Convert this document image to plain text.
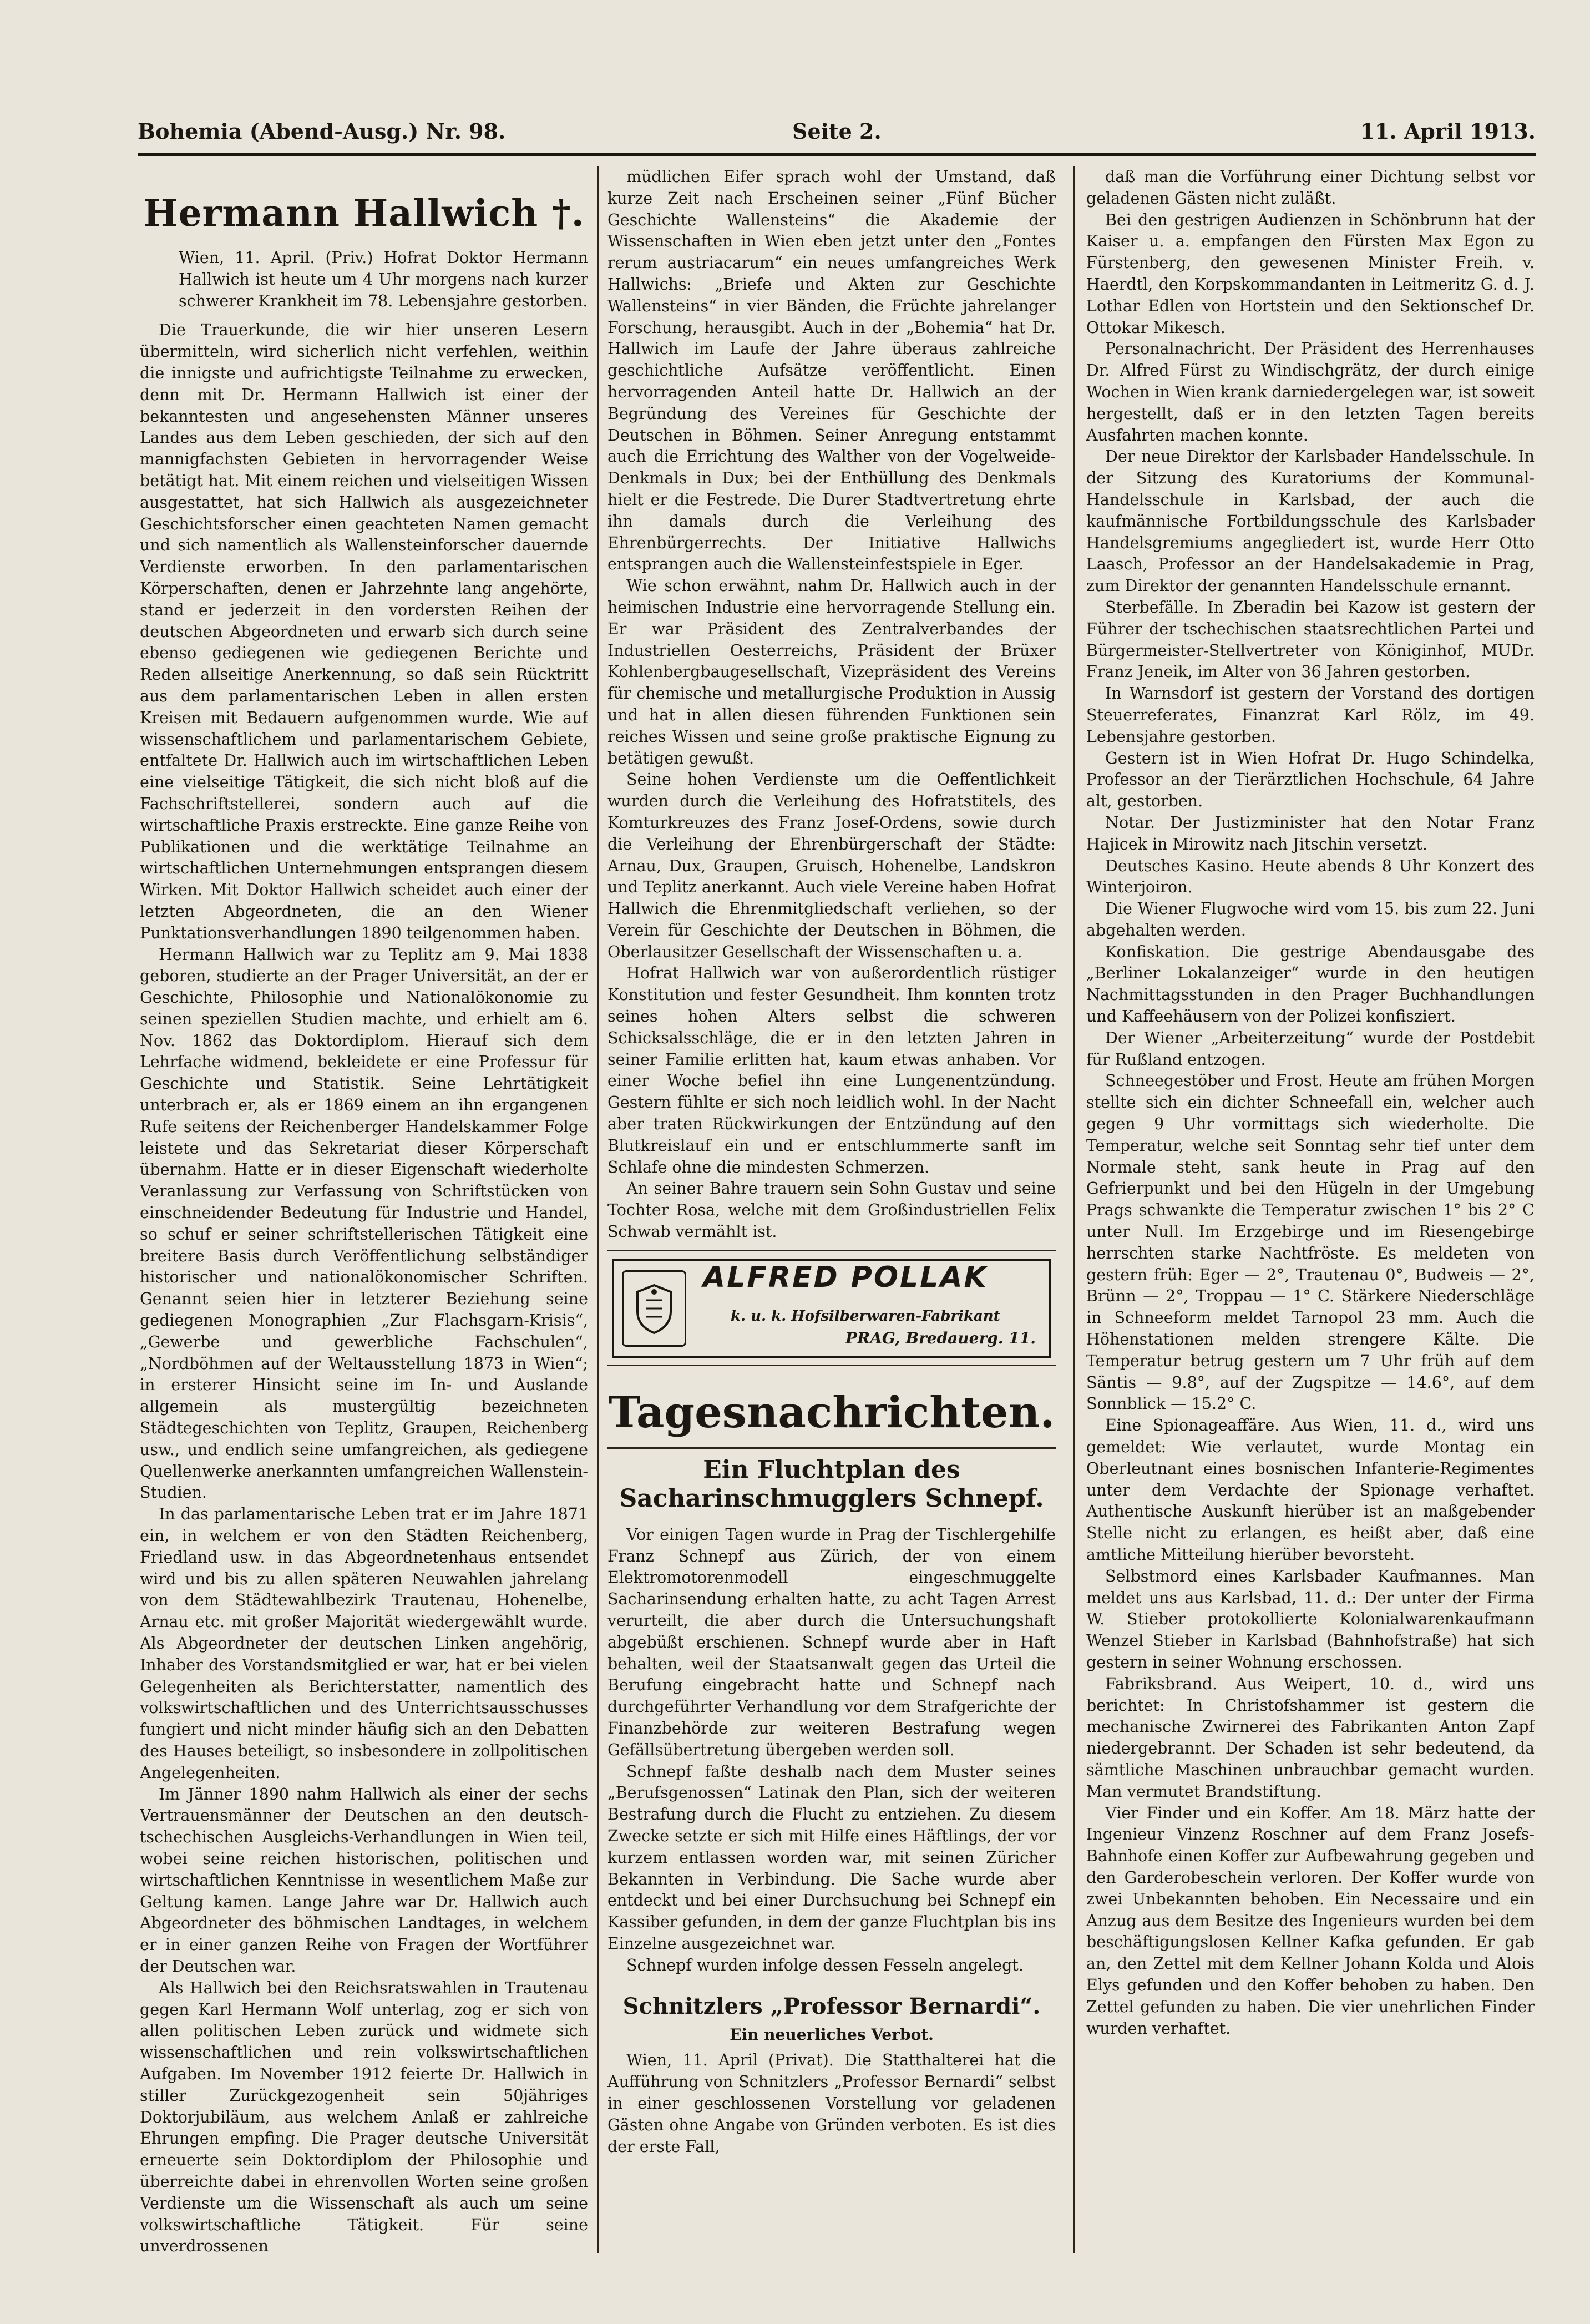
Bohemia (Abend-Ausg.) Nr. 98.	Seite 2.	11. April 1913.
Hermann Hallwich †.
Wien, 11. April. (Priv.) Hofrat Doktor Hermann Hallwich ist heute um 4 Uhr morgens nach kurzer schwerer Krankheit im 78. Lebensjahre gestorben.

Die Trauerkunde, die wir hier unseren Lesern übermitteln, wird sicherlich nicht verfehlen, weithin die innigste und aufrichtigste Teilnahme zu erwecken, denn mit Dr. Hermann Hallwich ist einer der bekanntesten und angesehensten Männer unseres Landes aus dem Leben geschieden, der sich auf den mannigfachsten Gebieten in hervorragender Weise betätigt hat. Mit einem reichen und vielseitigen Wissen ausgestattet, hat sich Hallwich als ausgezeichneter Geschichtsforscher einen geachteten Namen gemacht und sich namentlich als Wallensteinforscher dauernde Verdienste erworben. In den parlamentarischen Körperschaften, denen er Jahrzehnte lang angehörte, stand er jederzeit in den vordersten Reihen der deutschen Abgeordneten und erwarb sich durch seine ebenso gediegenen wie gediegenen Berichte und Reden allseitige Anerkennung, so daß sein Rücktritt aus dem parlamentarischen Leben in allen ersten Kreisen mit Bedauern aufgenommen wurde. Wie auf wissenschaftlichem und parlamentarischem Gebiete, entfaltete Dr. Hallwich auch im wirtschaftlichen Leben eine vielseitige Tätigkeit, die sich nicht bloß auf die Fachschriftstellerei, sondern auch auf die wirtschaftliche Praxis erstreckte. Eine ganze Reihe von Publikationen und die werktätige Teilnahme an wirtschaftlichen Unternehmungen entsprangen diesem Wirken. Mit Doktor Hallwich scheidet auch einer der letzten Abgeordneten, die an den Wiener Punktationsverhandlungen 1890 teilgenommen haben.

Hermann Hallwich war zu Teplitz am 9. Mai 1838 geboren, studierte an der Prager Universität, an der er Geschichte, Philosophie und Nationalökonomie zu seinen speziellen Studien machte, und erhielt am 6. Nov. 1862 das Doktordiplom. Hierauf sich dem Lehrfache widmend, bekleidete er eine Professur für Geschichte und Statistik. Seine Lehrtätigkeit unterbrach er, als er 1869 einem an ihn ergangenen Rufe seitens der Reichenberger Handelskammer Folge leistete und das Sekretariat dieser Körperschaft übernahm. Hatte er in dieser Eigenschaft wiederholte Veranlassung zur Verfassung von Schriftstücken von einschneidender Bedeutung für Industrie und Handel, so schuf er seiner schriftstellerischen Tätigkeit eine breitere Basis durch Veröffentlichung selbständiger historischer und nationalökonomischer Schriften. Genannt seien hier in letzterer Beziehung seine gediegenen Monographien „Zur Flachsgarn-Krisis“, „Gewerbe und gewerbliche Fachschulen“, „Nordböhmen auf der Weltausstellung 1873 in Wien“; in ersterer Hinsicht seine im In- und Auslande allgemein als mustergültig bezeichneten Städtegeschichten von Teplitz, Graupen, Reichenberg usw., und endlich seine umfangreichen, als gediegene Quellenwerke anerkannten umfangreichen Wallenstein-Studien.

In das parlamentarische Leben trat er im Jahre 1871 ein, in welchem er von den Städten Reichenberg, Friedland usw. in das Abgeordnetenhaus entsendet wird und bis zu allen späteren Neuwahlen jahrelang von dem Städtewahlbezirk Trautenau, Hohenelbe, Arnau etc. mit großer Majorität wiedergewählt wurde. Als Abgeordneter der deutschen Linken angehörig, Inhaber des Vorstandsmitglied er war, hat er bei vielen Gelegenheiten als Berichterstatter, namentlich des volkswirtschaftlichen und des Unterrichtsausschusses fungiert und nicht minder häufig sich an den Debatten des Hauses beteiligt, so insbesondere in zollpolitischen Angelegenheiten.

Im Jänner 1890 nahm Hallwich als einer der sechs Vertrauensmänner der Deutschen an den deutsch-tschechischen Ausgleichs-Verhandlungen in Wien teil, wobei seine reichen historischen, politischen und wirtschaftlichen Kenntnisse in wesentlichem Maße zur Geltung kamen. Lange Jahre war Dr. Hallwich auch Abgeordneter des böhmischen Landtages, in welchem er in einer ganzen Reihe von Fragen der Wortführer der Deutschen war.

Als Hallwich bei den Reichsratswahlen in Trautenau gegen Karl Hermann Wolf unterlag, zog er sich von allen politischen Leben zurück und widmete sich wissenschaftlichen und rein volkswirtschaftlichen Aufgaben. Im November 1912 feierte Dr. Hallwich in stiller Zurückgezogenheit sein 50jähriges Doktorjubiläum, aus welchem Anlaß er zahlreiche Ehrungen empfing. Die Prager deutsche Universität erneuerte sein Doktordiplom der Philosophie und überreichte dabei in ehrenvollen Worten seine großen Verdienste um die Wissenschaft als auch um seine volkswirtschaftliche Tätigkeit. Für seine unverdrossenen

müdlichen Eifer sprach wohl der Umstand, daß kurze Zeit nach Erscheinen seiner „Fünf Bücher Geschichte Wallensteins“ die Akademie der Wissenschaften in Wien eben jetzt unter den „Fontes rerum austriacarum“ ein neues umfangreiches Werk Hallwichs: „Briefe und Akten zur Geschichte Wallensteins“ in vier Bänden, die Früchte jahrelanger Forschung, herausgibt. Auch in der „Bohemia“ hat Dr. Hallwich im Laufe der Jahre überaus zahlreiche geschichtliche Aufsätze veröffentlicht. Einen hervorragenden Anteil hatte Dr. Hallwich an der Begründung des Vereines für Geschichte der Deutschen in Böhmen. Seiner Anregung entstammt auch die Errichtung des Walther von der Vogelweide-Denkmals in Dux; bei der Enthüllung des Denkmals hielt er die Festrede. Die Durer Stadtvertretung ehrte ihn damals durch die Verleihung des Ehrenbürgerrechts. Der Initiative Hallwichs entsprangen auch die Wallensteinfestspiele in Eger.

Wie schon erwähnt, nahm Dr. Hallwich auch in der heimischen Industrie eine hervorragende Stellung ein. Er war Präsident des Zentralverbandes der Industriellen Oesterreichs, Präsident der Brüxer Kohlenbergbaugesellschaft, Vizepräsident des Vereins für chemische und metallurgische Produktion in Aussig und hat in allen diesen führenden Funktionen sein reiches Wissen und seine große praktische Eignung zu betätigen gewußt.

Seine hohen Verdienste um die Oeffentlichkeit wurden durch die Verleihung des Hofratstitels, des Komturkreuzes des Franz Josef-Ordens, sowie durch die Verleihung der Ehrenbürgerschaft der Städte: Arnau, Dux, Graupen, Gruisch, Hohenelbe, Landskron und Teplitz anerkannt. Auch viele Vereine haben Hofrat Hallwich die Ehrenmitgliedschaft verliehen, so der Verein für Geschichte der Deutschen in Böhmen, die Oberlausitzer Gesellschaft der Wissenschaften u. a.

Hofrat Hallwich war von außerordentlich rüstiger Konstitution und fester Gesundheit. Ihm konnten trotz seines hohen Alters selbst die schweren Schicksalsschläge, die er in den letzten Jahren in seiner Familie erlitten hat, kaum etwas anhaben. Vor einer Woche befiel ihn eine Lungenentzündung. Gestern fühlte er sich noch leidlich wohl. In der Nacht aber traten Rückwirkungen der Entzündung auf den Blutkreislauf ein und er entschlummerte sanft im Schlafe ohne die mindesten Schmerzen.

An seiner Bahre trauern sein Sohn Gustav und seine Tochter Rosa, welche mit dem Großindustriellen Felix Schwab vermählt ist.

ALFRED POLLAK
k. u. k. Hofsilberwaren-Fabrikant
PRAG, Bredauerg. 11.
Tagesnachrichten.
Ein Fluchtplan des Sacharinschmugglers Schnepf.

Vor einigen Tagen wurde in Prag der Tischlergehilfe Franz Schnepf aus Zürich, der von einem Elektromotorenmodell eingeschmuggelte Sacharinsendung erhalten hatte, zu acht Tagen Arrest verurteilt, die aber durch die Untersuchungshaft abgebüßt erschienen. Schnepf wurde aber in Haft behalten, weil der Staatsanwalt gegen das Urteil die Berufung eingebracht hatte und Schnepf nach durchgeführter Verhandlung vor dem Strafgerichte der Finanzbehörde zur weiteren Bestrafung wegen Gefällsübertretung übergeben werden soll.

Schnepf faßte deshalb nach dem Muster seines „Berufsgenossen“ Latinak den Plan, sich der weiteren Bestrafung durch die Flucht zu entziehen. Zu diesem Zwecke setzte er sich mit Hilfe eines Häftlings, der vor kurzem entlassen worden war, mit seinen Züricher Bekannten in Verbindung. Die Sache wurde aber entdeckt und bei einer Durchsuchung bei Schnepf ein Kassiber gefunden, in dem der ganze Fluchtplan bis ins Einzelne ausgezeichnet war.

Schnepf wurden infolge dessen Fesseln angelegt.

Schnitzlers „Professor Bernardi“.
Ein neuerliches Verbot.

Wien, 11. April (Privat). Die Statthalterei hat die Aufführung von Schnitzlers „Professor Bernardi“ selbst in einer geschlossenen Vorstellung vor geladenen Gästen ohne Angabe von Gründen verboten. Es ist dies der erste Fall,

daß man die Vorführung einer Dichtung selbst vor geladenen Gästen nicht zuläßt.

Bei den gestrigen Audienzen in Schönbrunn hat der Kaiser u. a. empfangen den Fürsten Max Egon zu Fürstenberg, den gewesenen Minister Freih. v. Haerdtl, den Korpskommandanten in Leitmeritz G. d. J. Lothar Edlen von Hortstein und den Sektionschef Dr. Ottokar Mikesch.

Personalnachricht. Der Präsident des Herrenhauses Dr. Alfred Fürst zu Windischgrätz, der durch einige Wochen in Wien krank darniedergelegen war, ist soweit hergestellt, daß er in den letzten Tagen bereits Ausfahrten machen konnte.

Der neue Direktor der Karlsbader Handelsschule. In der Sitzung des Kuratoriums der Kommunal-Handelsschule in Karlsbad, der auch die kaufmännische Fortbildungsschule des Karlsbader Handelsgremiums angegliedert ist, wurde Herr Otto Laasch, Professor an der Handelsakademie in Prag, zum Direktor der genannten Handelsschule ernannt.

Sterbefälle. In Zberadin bei Kazow ist gestern der Führer der tschechischen staatsrechtlichen Partei und Bürgermeister-Stellvertreter von Königinhof, MUDr. Franz Jeneik, im Alter von 36 Jahren gestorben.

In Warnsdorf ist gestern der Vorstand des dortigen Steuerreferates, Finanzrat Karl Rölz, im 49. Lebensjahre gestorben.

Gestern ist in Wien Hofrat Dr. Hugo Schindelka, Professor an der Tierärztlichen Hochschule, 64 Jahre alt, gestorben.

Notar. Der Justizminister hat den Notar Franz Hajicek in Mirowitz nach Jitschin versetzt.

Deutsches Kasino. Heute abends 8 Uhr Konzert des Winterjoiron.

Die Wiener Flugwoche wird vom 15. bis zum 22. Juni abgehalten werden.

Konfiskation. Die gestrige Abendausgabe des „Berliner Lokalanzeiger“ wurde in den heutigen Nachmittagsstunden in den Prager Buchhandlungen und Kaffeehäusern von der Polizei konfisziert.

Der Wiener „Arbeiterzeitung“ wurde der Postdebit für Rußland entzogen.

Schneegestöber und Frost. Heute am frühen Morgen stellte sich ein dichter Schneefall ein, welcher auch gegen 9 Uhr vormittags sich wiederholte. Die Temperatur, welche seit Sonntag sehr tief unter dem Normale steht, sank heute in Prag auf den Gefrierpunkt und bei den Hügeln in der Umgebung Prags schwankte die Temperatur zwischen 1° bis 2° C unter Null. Im Erzgebirge und im Riesengebirge herrschten starke Nachtfröste. Es meldeten von gestern früh: Eger — 2°, Trautenau 0°, Budweis — 2°, Brünn — 2°, Troppau — 1° C. Stärkere Niederschläge in Schneeform meldet Tarnopol 23 mm. Auch die Höhenstationen melden strengere Kälte. Die Temperatur betrug gestern um 7 Uhr früh auf dem Säntis — 9.8°, auf der Zugspitze — 14.6°, auf dem Sonnblick — 15.2° C.

Eine Spionageaffäre. Aus Wien, 11. d., wird uns gemeldet: Wie verlautet, wurde Montag ein Oberleutnant eines bosnischen Infanterie-Regimentes unter dem Verdachte der Spionage verhaftet. Authentische Auskunft hierüber ist an maßgebender Stelle nicht zu erlangen, es heißt aber, daß eine amtliche Mitteilung hierüber bevorsteht.

Selbstmord eines Karlsbader Kaufmannes. Man meldet uns aus Karlsbad, 11. d.: Der unter der Firma W. Stieber protokollierte Kolonialwarenkaufmann Wenzel Stieber in Karlsbad (Bahnhofstraße) hat sich gestern in seiner Wohnung erschossen.

Fabriksbrand. Aus Weipert, 10. d., wird uns berichtet: In Christofshammer ist gestern die mechanische Zwirnerei des Fabrikanten Anton Zapf niedergebrannt. Der Schaden ist sehr bedeutend, da sämtliche Maschinen unbrauchbar gemacht wurden. Man vermutet Brandstiftung.

Vier Finder und ein Koffer. Am 18. März hatte der Ingenieur Vinzenz Roschner auf dem Franz Josefs-Bahnhofe einen Koffer zur Aufbewahrung gegeben und den Garderobeschein verloren. Der Koffer wurde von zwei Unbekannten behoben. Ein Necessaire und ein Anzug aus dem Besitze des Ingenieurs wurden bei dem beschäftigungslosen Kellner Kafka gefunden. Er gab an, den Zettel mit dem Kellner Johann Kolda und Alois Elys gefunden und den Koffer behoben zu haben. Den Zettel gefunden zu haben. Die vier unehrlichen Finder wurden verhaftet.
